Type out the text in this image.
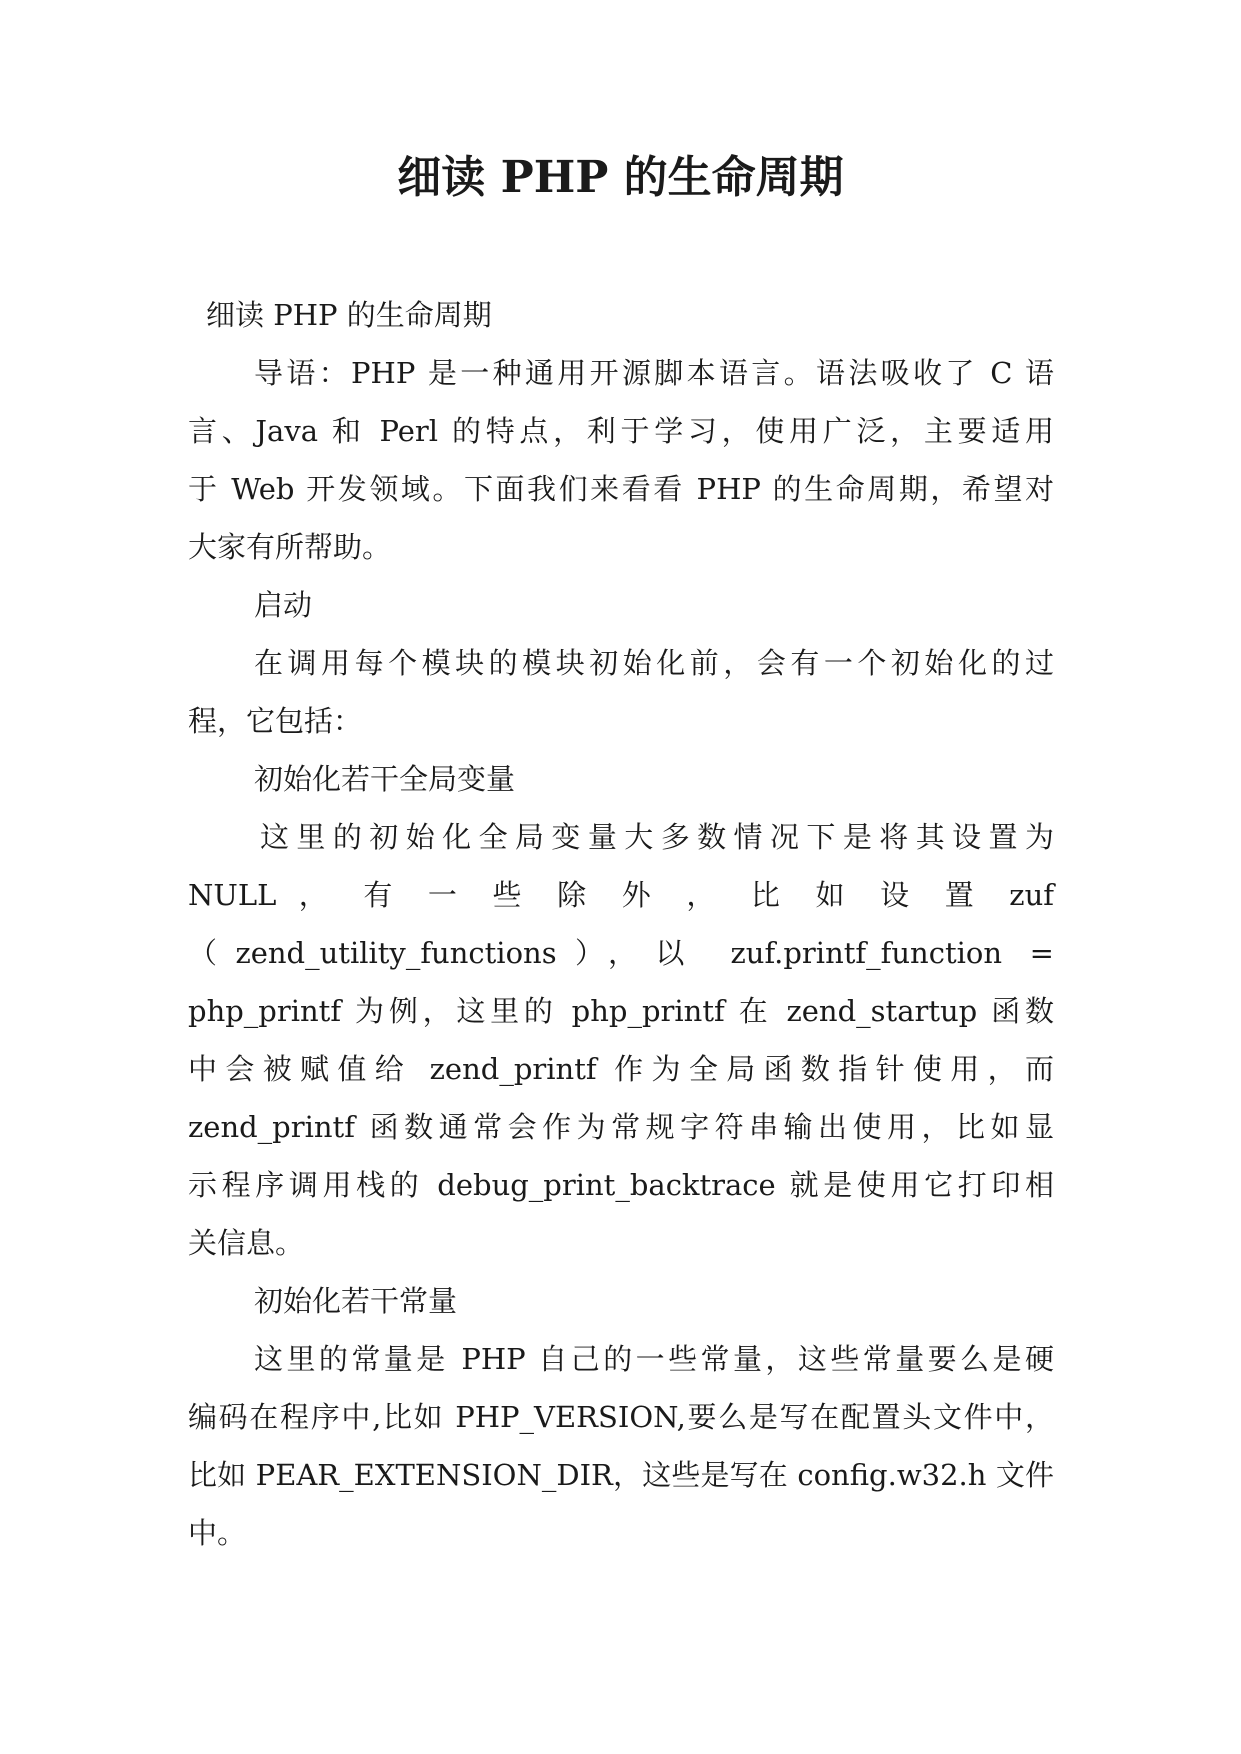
细读 PHP 的生命周期
细读 PHP 的生命周期
导语：PHP 是一种通用开源脚本语言。语法吸收了 C 语
言、Java 和 Perl 的特点，利于学习，使用广泛，主要适用
于 Web 开发领域。下面我们来看看 PHP 的生命周期，希望对
大家有所帮助。
启动
在调用每个模块的模块初始化前，会有一个初始化的过
程，它包括：
初始化若干全局变量
这里的初始化全局变量大多数情况下是将其设置为
NULL ， 有 一 些 除 外 ， 比 如 设 置 zuf
（zend_utility_functions），以 zuf.printf_function =
php_printf 为例，这里的 php_printf 在 zend_startup 函数
中会被赋值给 zend_printf 作为全局函数指针使用，而
zend_printf 函数通常会作为常规字符串输出使用，比如显
示程序调用栈的 debug_print_backtrace 就是使用它打印相
关信息。
初始化若干常量
这里的常量是 PHP 自己的一些常量，这些常量要么是硬
编码在程序中,比如 PHP_VERSION,要么是写在配置头文件中，
比如 PEAR_EXTENSION_DIR，这些是写在 config.w32.h 文件
中。
